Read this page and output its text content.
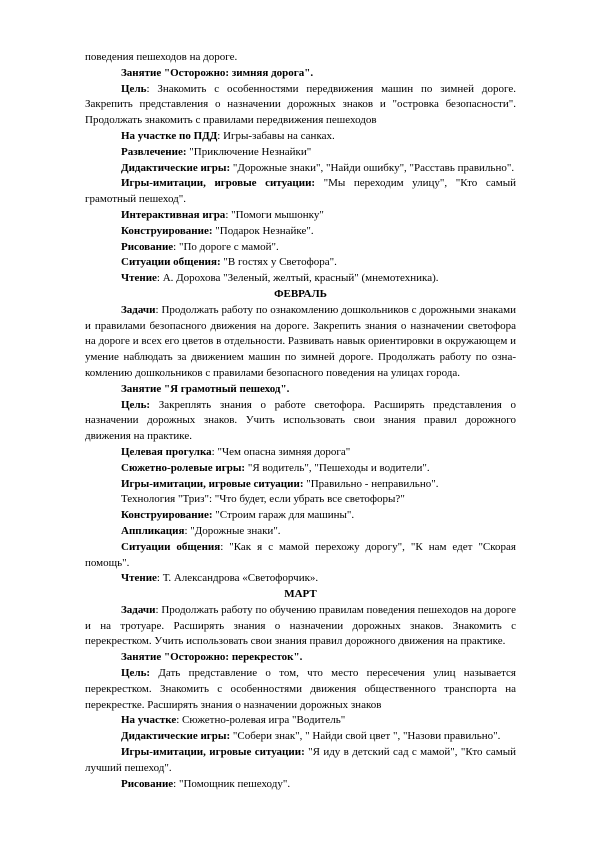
поведения пешеходов на дороге.

Занятие "Осторожно: зимняя дорога".

Цель: Знакомить с особенностями передвижения машин по зимней дороге. Закрепить представления о назначении дорожных знаков и "островка безопасности". Продолжать знакомить с правилами передвижения пешеходов

На участке по ПДД: Игры-забавы на санках.

Развлечение: "Приключение Незнайки"

Дидактические игры: "Дорожные знаки", "Найди ошибку", "Расставь правильно".

Игры-имитации, игровые ситуации: "Мы переходим улицу", "Кто самый грамотный пешеход".

Интерактивная игра: "Помоги мышонку"

Конструирование: "Подарок Незнайке".

Рисование: "По дороге с мамой".

Ситуации общения: "В гостях у Светофора".

Чтение: А. Дорохова "Зеленый, желтый, красный" (мнемотехника).

ФЕВРАЛЬ

Задачи: Продолжать работу по ознакомлению дошкольников с дорожными знаками и правилами безопасного движения на дороге. Закрепить знания о назначении светофора на дороге и всех его цветов в отдельности. Развивать навык ориентировки в окружающем и умение наблюдать за движением машин по зимней дороге. Продолжать работу по озна-комлению дошкольников с правилами безопасного поведения на улицах города.

Занятие "Я грамотный пешеход".

Цель: Закреплять знания о работе светофора. Расширять представления о назначении дорожных знаков. Учить использовать свои знания правил дорожного движения на практике.

Целевая прогулка: "Чем опасна зимняя дорога"

Сюжетно-ролевые игры: "Я водитель", "Пешеходы и водители".

Игры-имитации, игровые ситуации: "Правильно - неправильно".

Технология "Триз": "Что будет, если убрать все светофоры?"

Конструирование: "Строим гараж для машины".

Аппликация: "Дорожные знаки".

Ситуации общения: "Как я с мамой перехожу дорогу", "К нам едет "Скорая помощь".

Чтение: Т. Александрова «Светофорчик».

МАРТ

Задачи: Продолжать работу по обучению правилам поведения пешеходов на дороге и на тротуаре. Расширять знания о назначении дорожных знаков. Знакомить с перекрестком. Учить использовать свои знания правил дорожного движения на практике.

Занятие "Осторожно: перекресток".

Цель: Дать представление о том, что место пересечения улиц называется перекрестком. Знакомить с особенностями движения общественного транспорта на перекрестке. Расширять знания о назначении дорожных знаков

На участке: Сюжетно-ролевая игра "Водитель"

Дидактические игры: "Собери знак", " Найди свой цвет ", "Назови правильно".

Игры-имитации, игровые ситуации: "Я иду в детский сад с мамой", "Кто самый лучший пешеход".

Рисование: "Помощник пешеходу".
